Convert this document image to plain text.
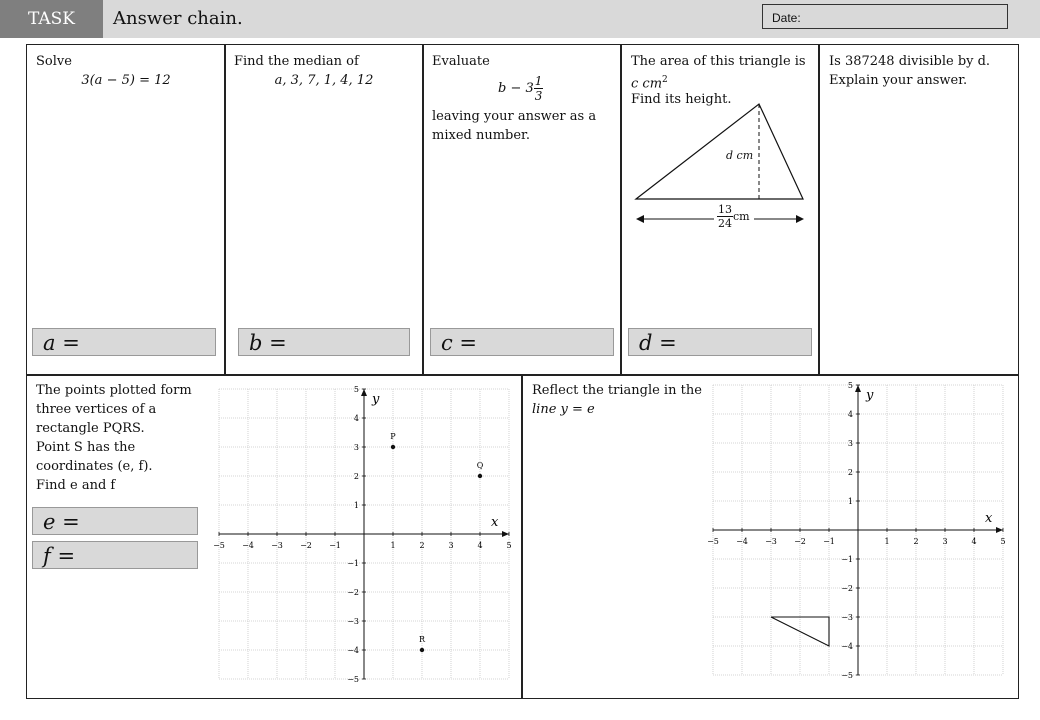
TASK	Answer chain.	Date:
Solve
3(a − 5) = 12
a =
Find the median of
a, 3, 7, 1, 4, 12
b =
Evaluate
$b - 3 \frac{1}{3}$
leaving your answer as a
mixed number.
c =
The area of this triangle is
c $cm^2$
Find its height.
d cm
$\frac{13}{24}$ cm
d =
Is 387248 divisible by d.
Explain your answer.
The points plotted form
three vertices of a
rectangle PQRS.
Point S has the
coordinates (e, f).
Find e and f
e =
f =
x
y
−5
−5
−4
−4
−3
−3
−2
−2
−1
−1
1
1
2
2
3
3
4
4
5
5
P
Q
R
Reflect the triangle in the
line y = e
x
y
−5
−5
−4
−4
−3
−3
−2
−2
−1
−1
1
1
2
2
3
3
4
4
5
5
